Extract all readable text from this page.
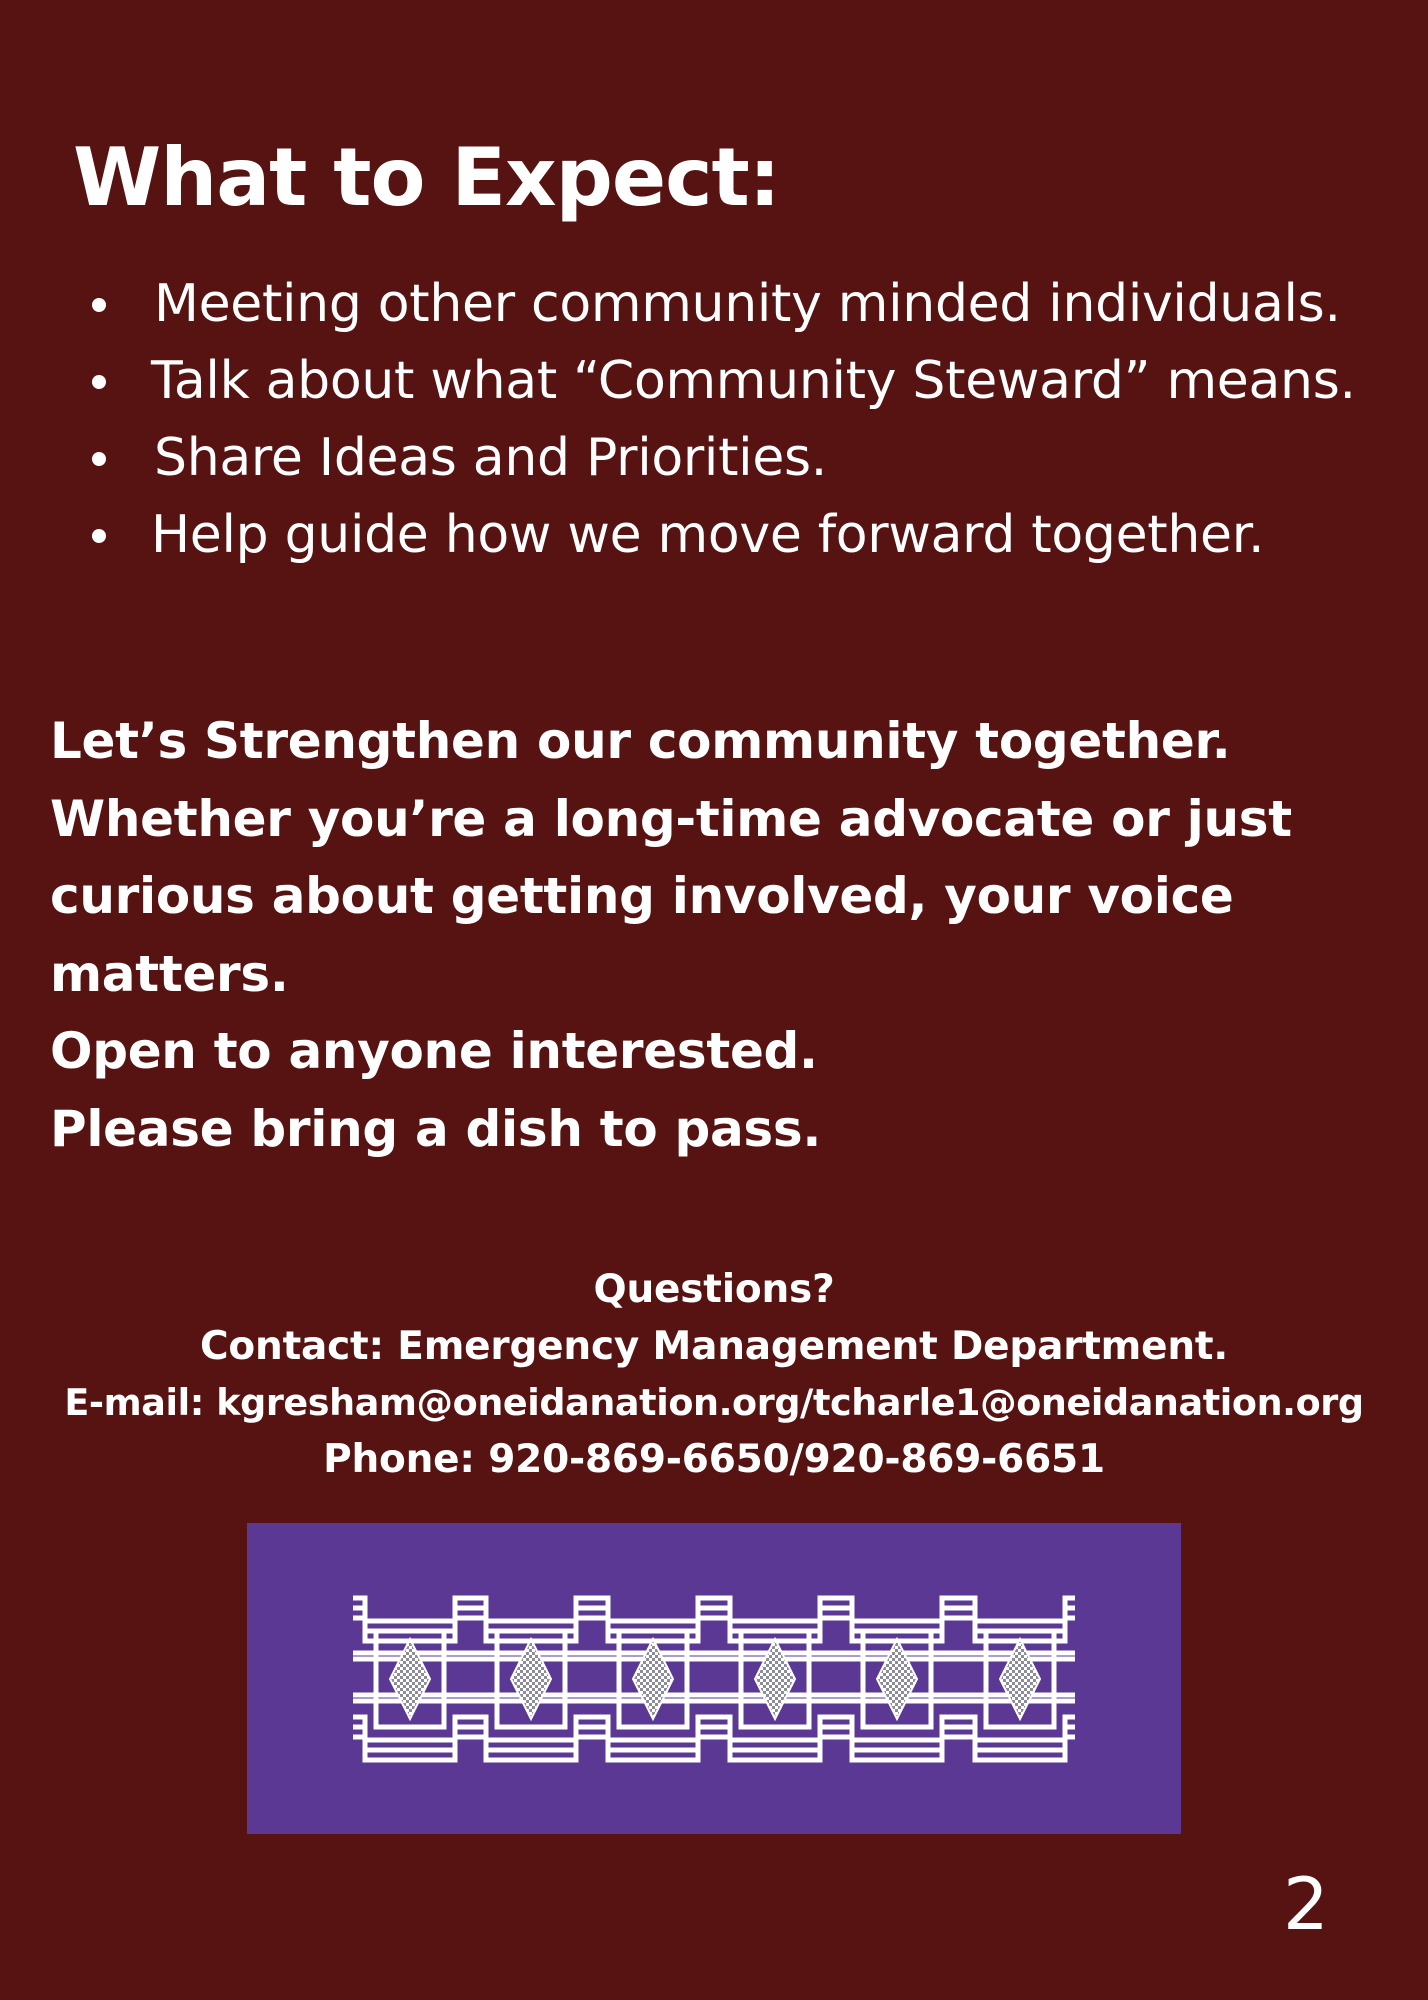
What to Expect:
Meeting other community minded individuals.
Talk about what “Community Steward” means.
Share Ideas and Priorities.
Help guide how we move forward together.
Let’s Strengthen our community together.
Whether you’re a long-time advocate or just
curious about getting involved, your voice
matters.
Open to anyone interested.
Please bring a dish to pass.
Questions?
Contact: Emergency Management Department.
E-mail: kgresham@oneidanation.org/tcharle1@oneidanation.org
Phone: 920-869-6650/920-869-6651
2
